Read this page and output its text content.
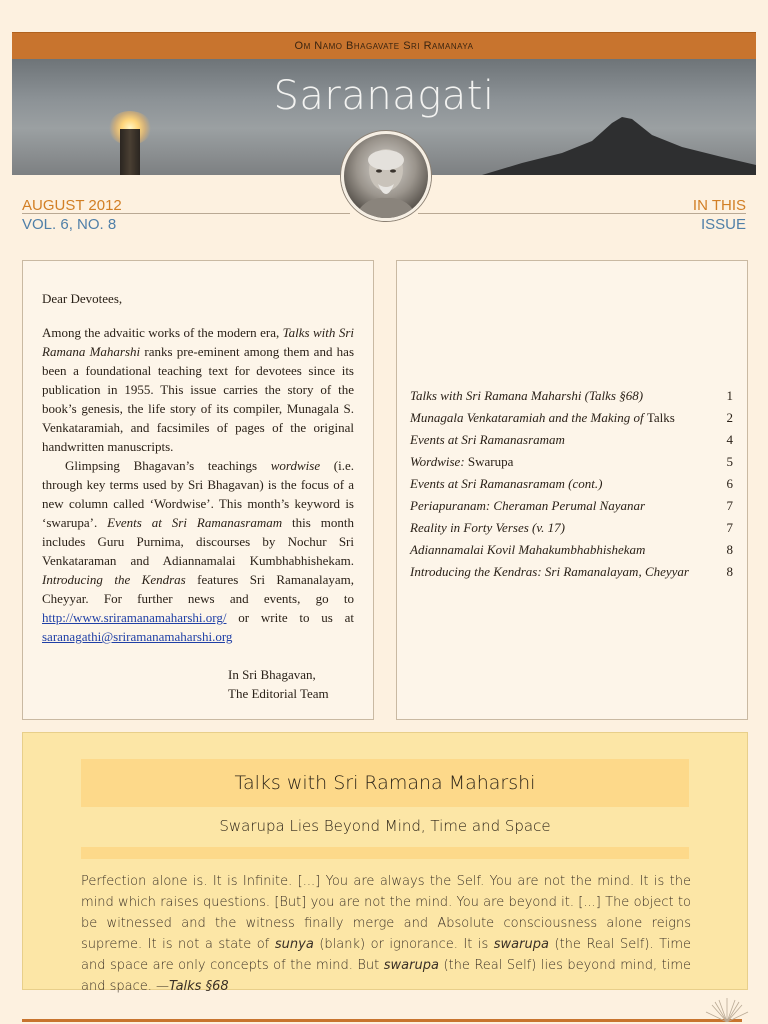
Om Namo Bhagavate Sri Ramanaya
Saranagati
AUGUST 2012
VOL. 6, NO. 8
IN THIS
ISSUE

Dear Devotees,

Among the advaitic works of the modern era, Talks with Sri Ramana Maharshi ranks pre-eminent among them and has been a foundational teaching text for devotees since its publication in 1955. This issue carries the story of the book’s genesis, the life story of its compiler, Munagala S. Venkataramiah, and facsimiles of pages of the original handwritten manuscripts.

Glimpsing Bhagavan’s teachings wordwise (i.e. through key terms used by Sri Bhagavan) is the focus of a new column called ‘Wordwise’. This month’s keyword is ‘swarupa’. Events at Sri Ramanasramam this month includes Guru Purnima, discourses by Nochur Sri Venkataraman and Adiannamalai Kumbhabhishekam. Introducing the Kendras features Sri Ramanalayam, Cheyyar. For further news and events, go to http://www.sriramanamaharshi.org/ or write to us at saranagathi@sriramanamaharshi.org

In Sri Bhagavan,
The Editorial Team
Talks with Sri Ramana Maharshi (Talks §68)	1
Munagala Venkataramiah and the Making of Talks	2
Events at Sri Ramanasramam	4
Wordwise: Swarupa	5
Events at Sri Ramanasramam (cont.)	6
Periapuranam: Cheraman Perumal Nayanar	7
Reality in Forty Verses (v. 17)	7
Adiannamalai Kovil Mahakumbhabhishekam	8
Introducing the Kendras: Sri Ramanalayam, Cheyyar	8
Talks with Sri Ramana Maharshi
Swarupa Lies Beyond Mind, Time and Space
Perfection alone is. It is Infinite. [...] You are always the Self. You are not the mind. It is the mind which raises questions. [But] you are not the mind. You are beyond it. [...] The object to be witnessed and the witness finally merge and Absolute consciousness alone reigns supreme. It is not a state of sunya (blank) or ignorance. It is swarupa (the Real Self). Time and space are only concepts of the mind. But swarupa (the Real Self) lies beyond mind, time and space. —Talks §68
